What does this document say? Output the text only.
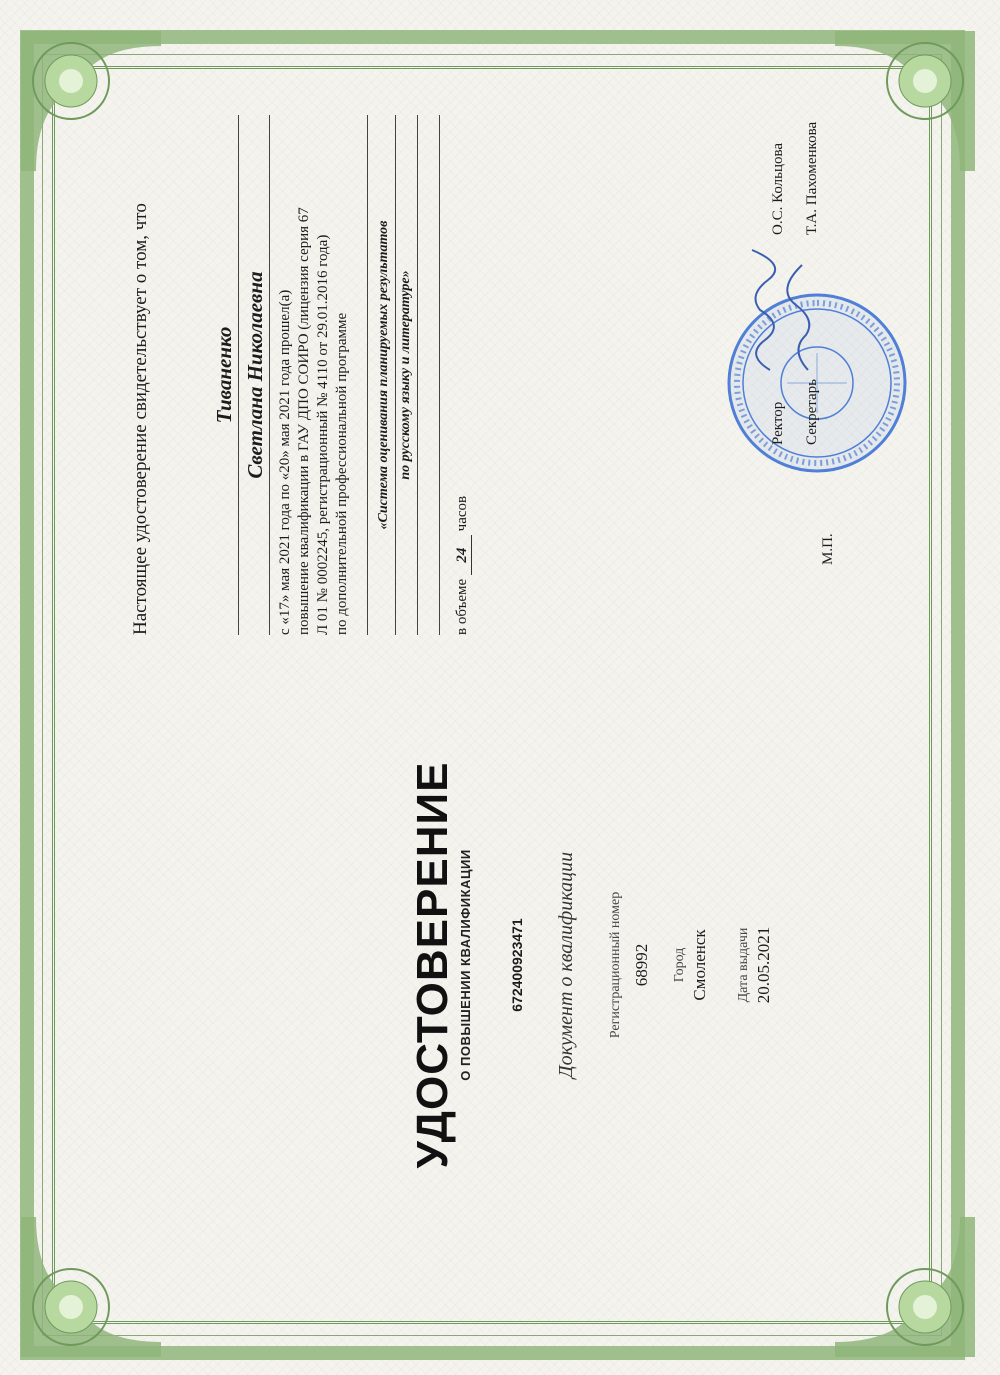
УДОСТОВЕРЕНИЕ О ПОВЫШЕНИИ КВАЛИФИКАЦИИ	672400923471 Документ о квалификации Регистрационный номер 68992 Город Смоленск Дата выдачи 20.05.2021
Настоящее удостоверение свидетельствует о том, что	Тиваненко Светлана Николаевна с «17» мая 2021 года по «20» мая 2021 года прошел(а) повышение квалификации в ГАУ ДПО СОИРО (лицензия серия 67 Л 01 № 0002245, регистрационный № 4110 от 29.01.2016 года) по дополнительной профессиональной программе «Система оценивания планируемых результатов по русскому языку и литературе»
в объеме 24 часов
М.П.
Ректор
О.С. Кольцова
Секретарь
Т.А. Пахоменкова
